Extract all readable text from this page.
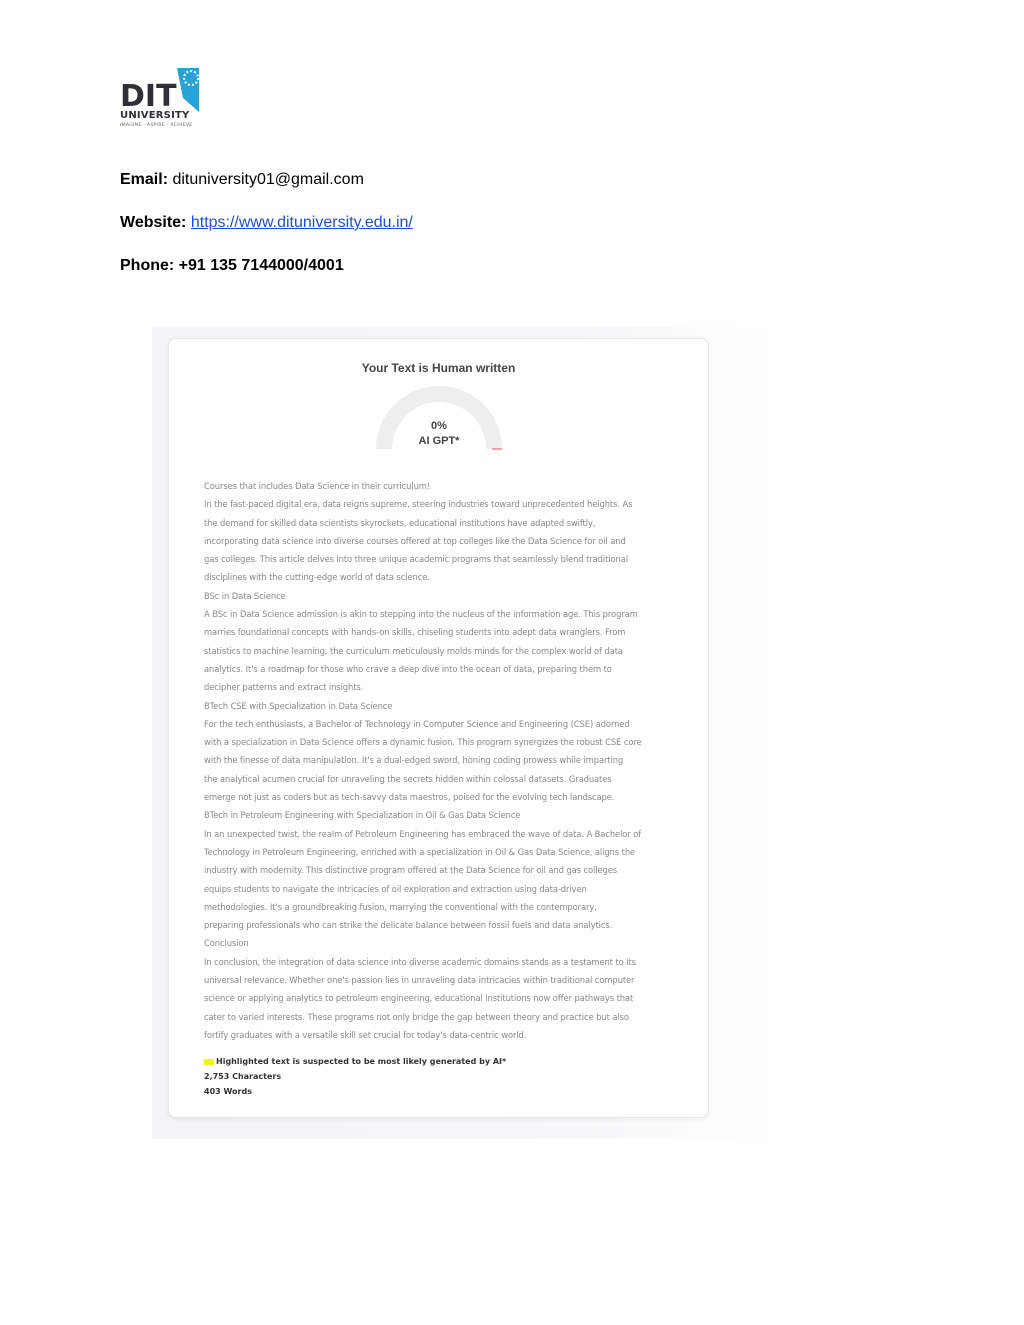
DIT
UNIVERSITY
IMAGINE · ASPIRE · ACHIEVE
Email: dituniversity01@gmail.com
Website: https://www.dituniversity.edu.in/
Phone: +91 135 7144000/4001
Your Text is Human written
0%
AI GPT*
Courses that includes Data Science in their curriculum!
In the fast-paced digital era, data reigns supreme, steering industries toward unprecedented heights. As
the demand for skilled data scientists skyrockets, educational institutions have adapted swiftly,
incorporating data science into diverse courses offered at top colleges like the Data Science for oil and
gas colleges. This article delves into three unique academic programs that seamlessly blend traditional
disciplines with the cutting-edge world of data science.
BSc in Data Science
A BSc in Data Science admission is akin to stepping into the nucleus of the information age. This program
marries foundational concepts with hands-on skills, chiseling students into adept data wranglers. From
statistics to machine learning, the curriculum meticulously molds minds for the complex world of data
analytics. It's a roadmap for those who crave a deep dive into the ocean of data, preparing them to
decipher patterns and extract insights.
BTech CSE with Specialization in Data Science
For the tech enthusiasts, a Bachelor of Technology in Computer Science and Engineering (CSE) adorned
with a specialization in Data Science offers a dynamic fusion. This program synergizes the robust CSE core
with the finesse of data manipulation. It's a dual-edged sword, honing coding prowess while imparting
the analytical acumen crucial for unraveling the secrets hidden within colossal datasets. Graduates
emerge not just as coders but as tech-savvy data maestros, poised for the evolving tech landscape.
BTech in Petroleum Engineering with Specialization in Oil & Gas Data Science
In an unexpected twist, the realm of Petroleum Engineering has embraced the wave of data. A Bachelor of
Technology in Petroleum Engineering, enriched with a specialization in Oil & Gas Data Science, aligns the
industry with modernity. This distinctive program offered at the Data Science for oil and gas colleges
equips students to navigate the intricacies of oil exploration and extraction using data-driven
methodologies. It's a groundbreaking fusion, marrying the conventional with the contemporary,
preparing professionals who can strike the delicate balance between fossil fuels and data analytics.
Conclusion
In conclusion, the integration of data science into diverse academic domains stands as a testament to its
universal relevance. Whether one's passion lies in unraveling data intricacies within traditional computer
science or applying analytics to petroleum engineering, educational institutions now offer pathways that
cater to varied interests. These programs not only bridge the gap between theory and practice but also
fortify graduates with a versatile skill set crucial for today's data-centric world.
Highlighted text is suspected to be most likely generated by AI*
2,753 Characters
403 Words
